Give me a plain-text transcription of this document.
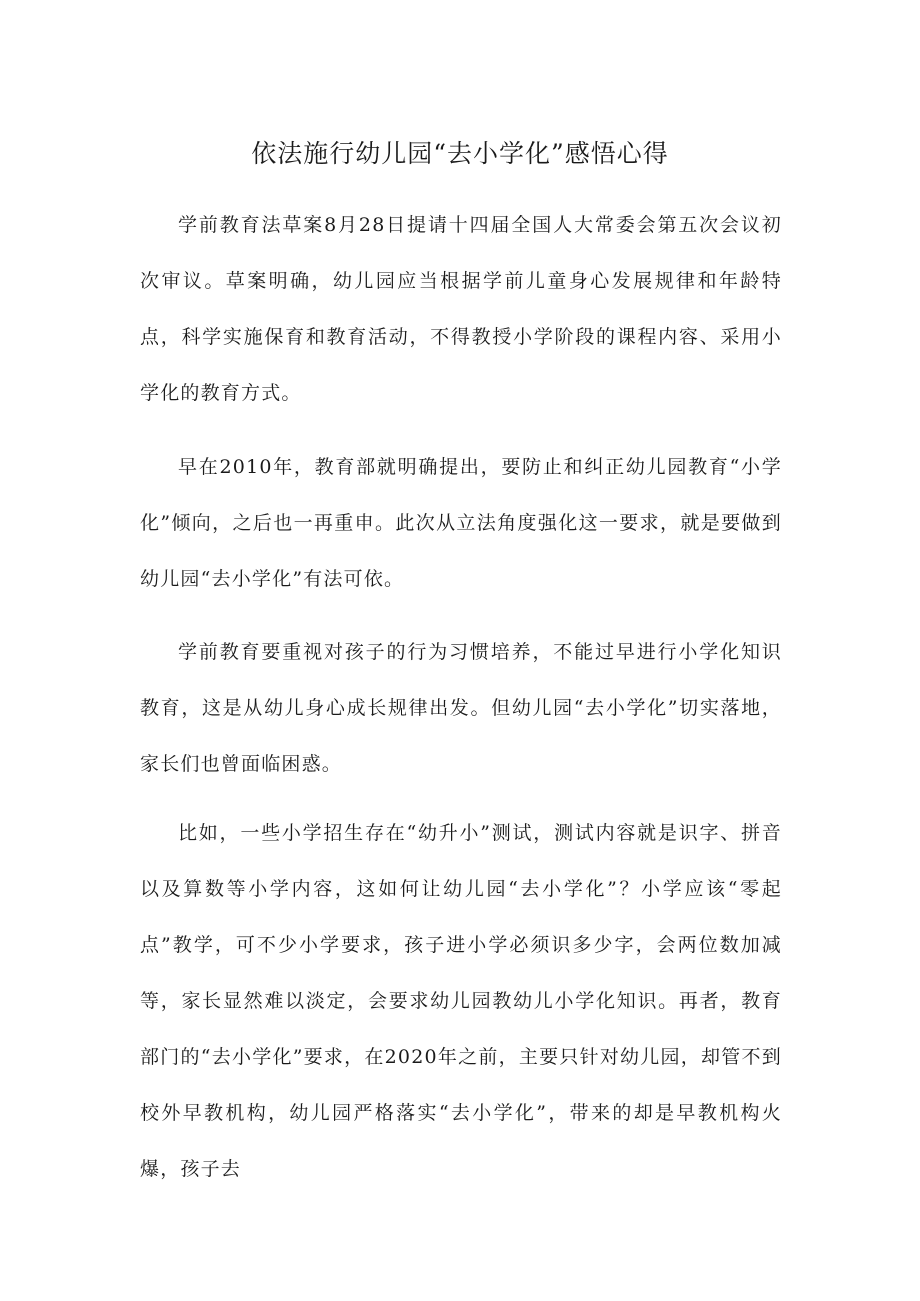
依法施行幼儿园“去小学化”感悟心得

学前教育法草案8月28日提请十四届全国人大常委会第五次会议初次审议。草案明确，幼儿园应当根据学前儿童身心发展规律和年龄特点，科学实施保育和教育活动，不得教授小学阶段的课程内容、采用小学化的教育方式。

早在2010年，教育部就明确提出，要防止和纠正幼儿园教育“小学化”倾向，之后也一再重申。此次从立法角度强化这一要求，就是要做到幼儿园“去小学化”有法可依。

学前教育要重视对孩子的行为习惯培养，不能过早进行小学化知识教育，这是从幼儿身心成长规律出发。但幼儿园“去小学化”切实落地，家长们也曾面临困惑。

比如，一些小学招生存在“幼升小”测试，测试内容就是识字、拼音以及算数等小学内容，这如何让幼儿园“去小学化”？小学应该“零起点”教学，可不少小学要求，孩子进小学必须识多少字，会两位数加减等，家长显然难以淡定，会要求幼儿园教幼儿小学化知识。再者，教育部门的“去小学化”要求，在2020年之前，主要只针对幼儿园，却管不到校外早教机构，幼儿园严格落实“去小学化”，带来的却是早教机构火爆，孩子去
